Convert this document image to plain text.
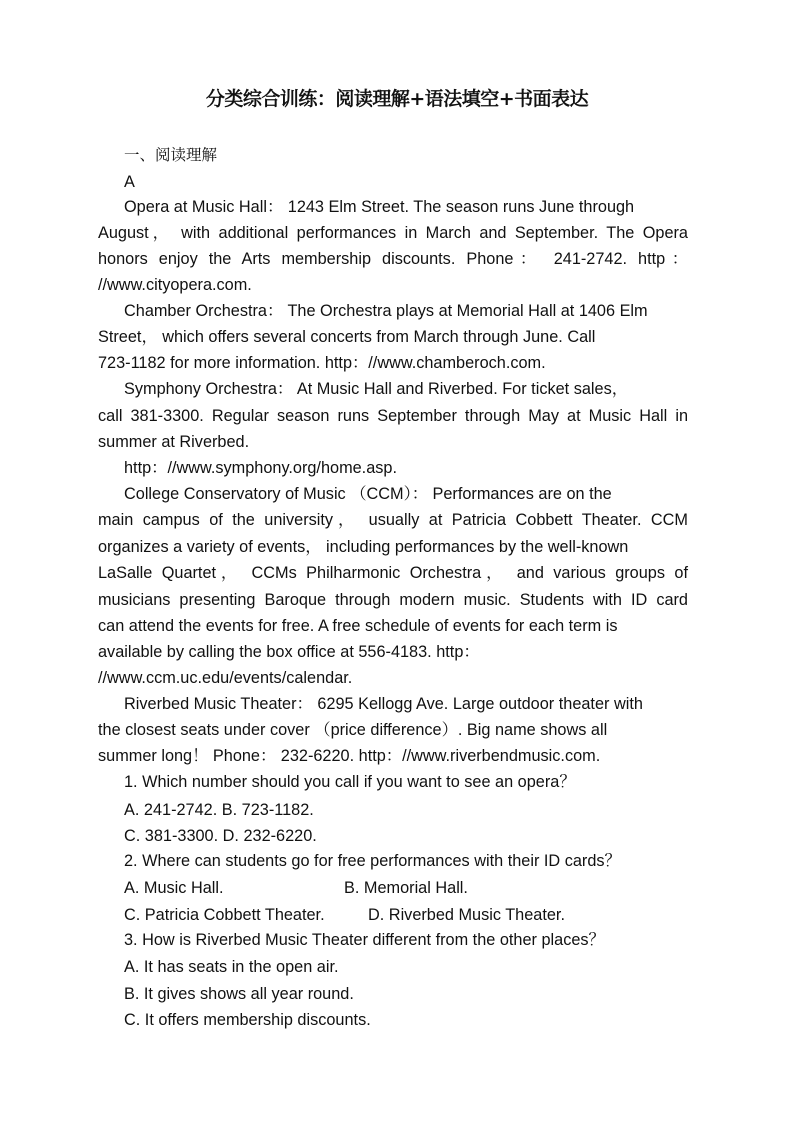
分类综合训练：阅读理解+语法填空+书面表达
一、阅读理解
A
Opera at Music Hall： 1243 Elm Street. The season runs June through
August， with additional performances in March and September. The Opera
honors enjoy the Arts membership discounts. Phone： 241-2742. http：
//www.cityopera.com.
Chamber Orchestra： The Orchestra plays at Memorial Hall at 1406 Elm
Street， which offers several concerts from March through June. Call
723-1182 for more information. http：//www.chamberoch.com.
Symphony Orchestra： At Music Hall and Riverbed. For ticket sales，
call 381-3300. Regular season runs September through May at Music Hall in
summer at Riverbed.
http：//www.symphony.org/home.asp.
College Conservatory of Music （CCM）： Performances are on the
main campus of the university， usually at Patricia Cobbett Theater. CCM
organizes a variety of events， including performances by the well-known
LaSalle Quartet， CCMs Philharmonic Orchestra， and various groups of
musicians presenting Baroque through modern music. Students with ID card
can attend the events for free. A free schedule of events for each term is
available by calling the box office at 556-4183. http：
//www.ccm.uc.edu/events/calendar.
Riverbed Music Theater： 6295 Kellogg Ave. Large outdoor theater with
the closest seats under cover （price difference）. Big name shows all
summer long！ Phone： 232-6220. http：//www.riverbendmusic.com.
1. Which number should you call if you want to see an opera？
A. 241-2742. B. 723-1182.
C. 381-3300. D. 232-6220.
2. Where can students go for free performances with their ID cards？
A. Music Hall.	B. Memorial Hall.
C. Patricia Cobbett Theater.	D. Riverbed Music Theater.
3. How is Riverbed Music Theater different from the other places？
A. It has seats in the open air.
B. It gives shows all year round.
C. It offers membership discounts.
